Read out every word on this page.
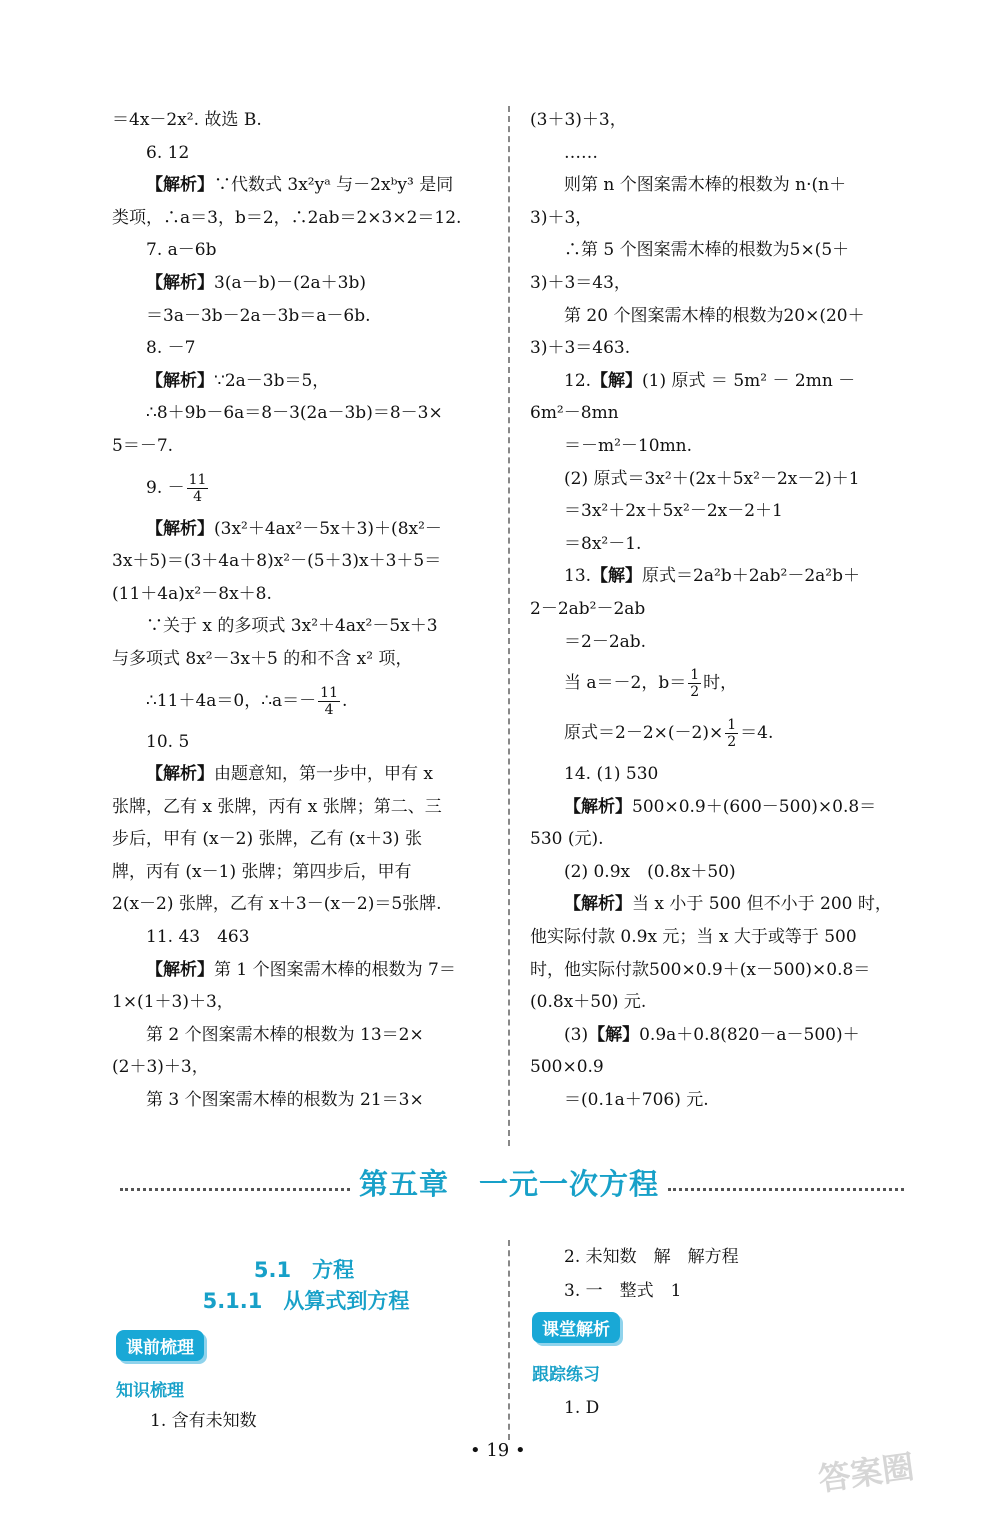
＝4x－2x². 故选 B.
6. 12
【解析】∵代数式 3x²yᵃ 与－2xᵇy³ 是同
类项，∴a＝3，b＝2，∴2ab＝2×3×2＝12.
7. a－6b
【解析】3(a－b)－(2a＋3b)
＝3a－3b－2a－3b＝a－6b.
8. －7
【解析】∵2a－3b＝5，
∴8＋9b－6a＝8－3(2a－3b)＝8－3×
5＝－7.
9. － $\frac{11}{4}$
【解析】(3x²＋4ax²－5x＋3)＋(8x²－
3x＋5)＝(3＋4a＋8)x²－(5＋3)x＋3＋5＝
(11＋4a)x²－8x＋8.
∵关于 x 的多项式 3x²＋4ax²－5x＋3
与多项式 8x²－3x＋5 的和不含 x² 项，
∴11＋4a＝0，∴a＝－ $\frac{11}{4}$ .
10. 5
【解析】由题意知，第一步中，甲有 x
张牌，乙有 x 张牌，丙有 x 张牌；第二、三
步后，甲有 (x－2) 张牌，乙有 (x＋3) 张
牌，丙有 (x－1) 张牌；第四步后，甲有
2(x－2) 张牌，乙有 x＋3－(x－2)＝5张牌.
11. 43　463
【解析】第 1 个图案需木棒的根数为 7＝
1×(1＋3)＋3，
第 2 个图案需木棒的根数为 13＝2×
(2＋3)＋3，
第 3 个图案需木棒的根数为 21＝3×
(3＋3)＋3，
……
则第 n 个图案需木棒的根数为 n·(n＋
3)＋3，
∴第 5 个图案需木棒的根数为5×(5＋
3)＋3＝43，
第 20 个图案需木棒的根数为20×(20＋
3)＋3＝463.
12.【解】(1) 原式 ＝ 5m² － 2mn －
6m²－8mn
＝－m²－10mn.
(2) 原式＝3x²＋(2x＋5x²－2x－2)＋1
＝3x²＋2x＋5x²－2x－2＋1
＝8x²－1.
13.【解】原式＝2a²b＋2ab²－2a²b＋
2－2ab²－2ab
＝2－2ab.
当 a＝－2，$b= \frac{1}{2}$ 时，
原式$=2-2\times(-2)\times \frac{1}{2} =4$.
14. (1) 530
【解析】500×0.9＋(600－500)×0.8＝
530 (元).
(2) 0.9x　(0.8x＋50)
【解析】当 x 小于 500 但不小于 200 时，
他实际付款 0.9x 元；当 x 大于或等于 500
时，他实际付款500×0.9＋(x－500)×0.8＝
(0.8x＋50) 元.
(3)【解】0.9a＋0.8(820－a－500)＋
500×0.9
＝(0.1a＋706) 元.
第五章　一元一次方程
5.1　方程
5.1.1　从算式到方程
课前梳理
知识梳理
1. 含有未知数
2. 未知数　解　解方程
3. 一　整式　1
课堂解析
跟踪练习
1. D
• 19 •	答案圈
